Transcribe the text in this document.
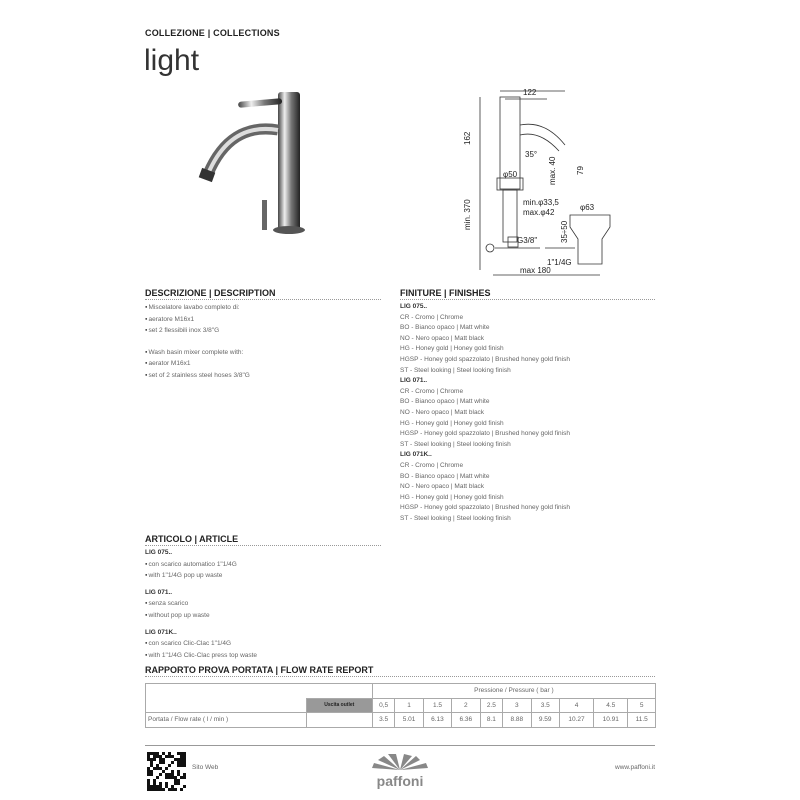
COLLEZIONE | COLLECTIONS
light
122
162
35°
max. 40 79
φ50
min. 370	min.φ33,5
max.φ42
φ63
35÷50
G3/8"
1"1/4G
max 180
DESCRIZIONE | DESCRIPTION
● Miscelatore lavabo completo di:
● aeratore M16x1
● set 2 flessibili inox 3/8"G
● Wash basin mixer complete with:
● aerator M16x1
● set of 2 stainless steel hoses 3/8"G
FINITURE | FINISHES
LIG 075..
CR - Cromo | Chrome
BO - Bianco opaco | Matt white
NO - Nero opaco | Matt black
HG - Honey gold | Honey gold finish
HGSP - Honey gold spazzolato | Brushed honey gold finish
ST - Steel looking | Steel looking finish
LIG 071..
CR - Cromo | Chrome
BO - Bianco opaco | Matt white
NO - Nero opaco | Matt black
HG - Honey gold | Honey gold finish
HGSP - Honey gold spazzolato | Brushed honey gold finish
ST - Steel looking | Steel looking finish
LIG 071K..
CR - Cromo | Chrome
BO - Bianco opaco | Matt white
NO - Nero opaco | Matt black
HG - Honey gold | Honey gold finish
HGSP - Honey gold spazzolato | Brushed honey gold finish
ST - Steel looking | Steel looking finish
ARTICOLO | ARTICLE
LIG 075..
● con scarico automatico 1"1/4G
● with 1"1/4G pop up waste
LIG 071..
● senza scarico
● without pop up waste
LIG 071K..
● con scarico Clic-Clac 1"1/4G
● with 1"1/4G Clic-Clac press top waste
RAPPORTO PROVA PORTATA | FLOW RATE REPORT
		Pressione / Pressure ( bar )									
	Uscita outlet	0,5	1	1.5	2	2.5	3	3.5	4	4.5	5
Portata / Flow rate ( l / min )		3.5	5.01	6.13	6.36	8.1	8.88	9.59	10.27	10.91	11.5
Sito Web
paffoni
www.paffoni.it
